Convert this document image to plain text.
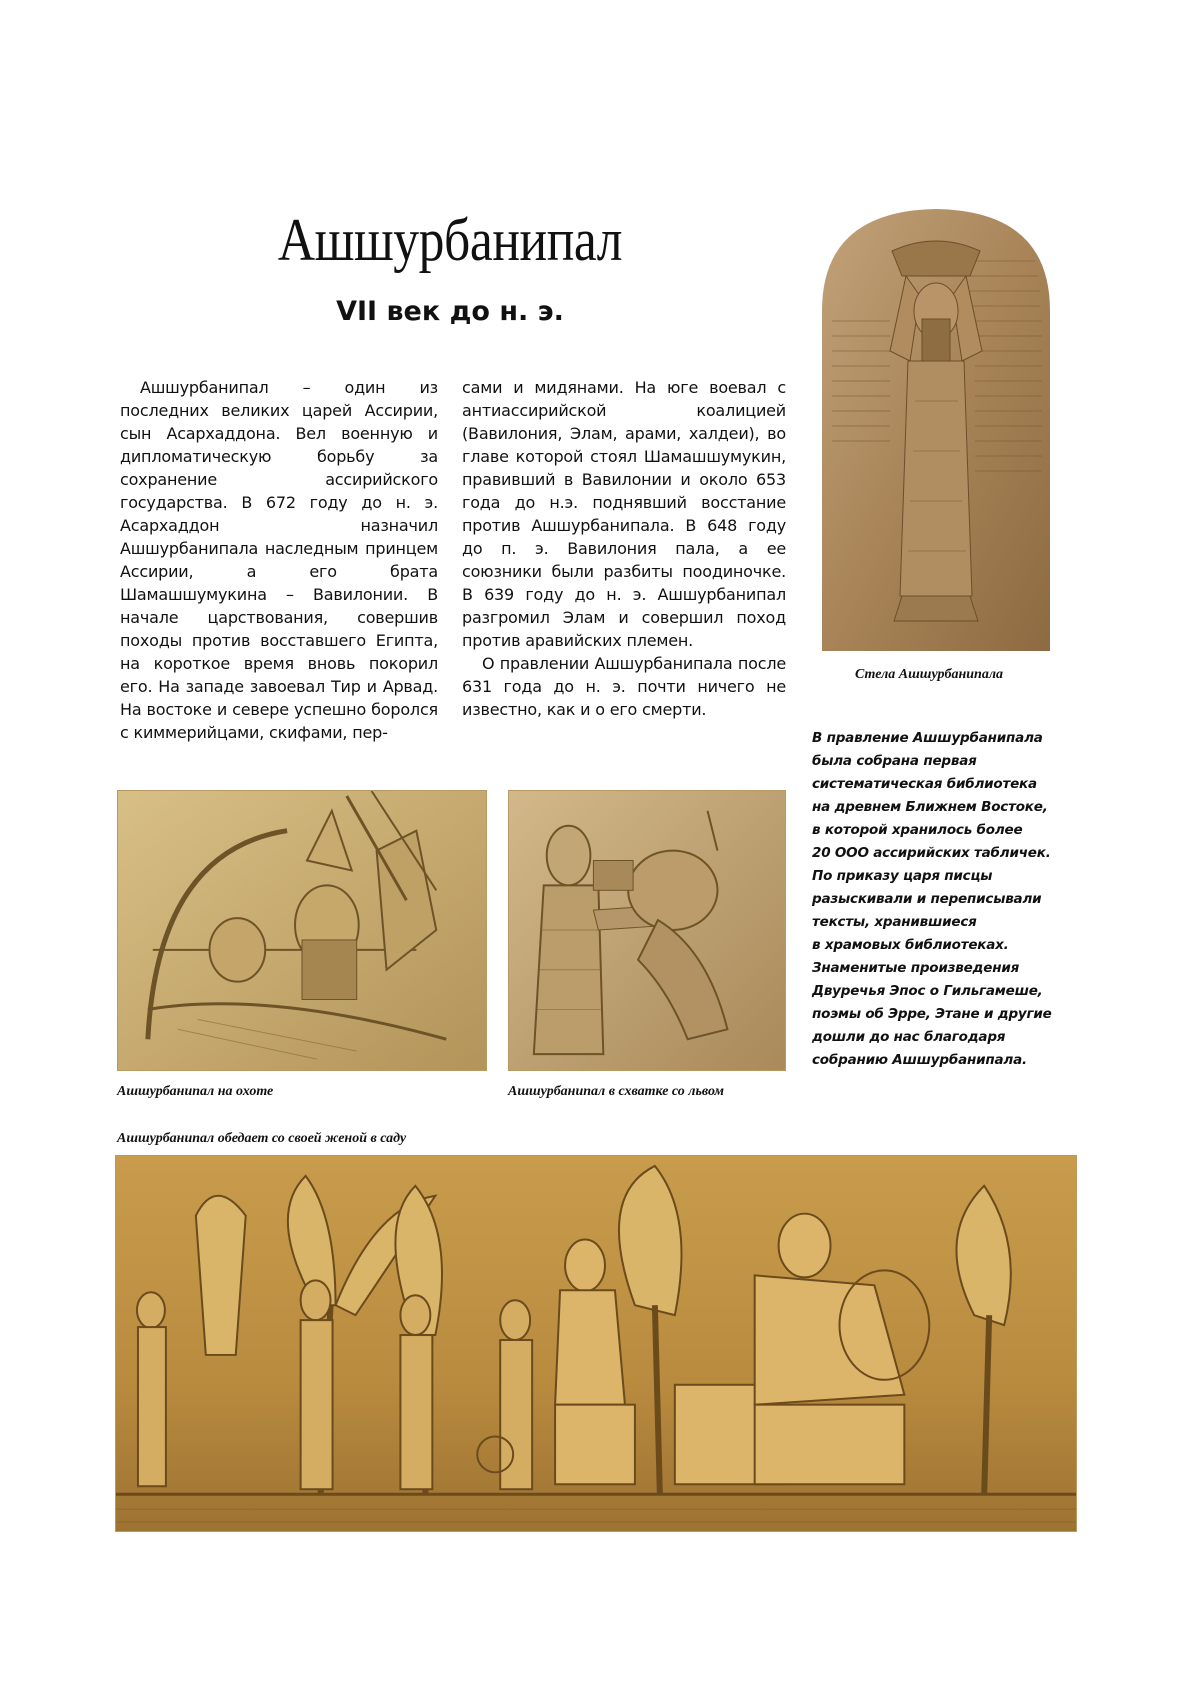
Ашшурбанипал
VII век до н. э.

Ашшурбанипал – один из последних великих царей Ассирии, сын Асархаддона. Вел военную и дипломатическую борьбу за сохранение ассирийского государства. В 672 году до н. э. Асархаддон назначил Ашшурбанипала наследным принцем Ассирии, а его брата Шамашшумукина – Вавилонии. В начале царствования, совершив походы против восставшего Египта, на короткое время вновь покорил его. На западе завоевал Тир и Арвад. На востоке и севере успешно боролся с киммерийцами, скифами, пер-

сами и мидянами. На юге воевал с антиассирийской коалицией (Вавилония, Элам, арами, халдеи), во главе которой стоял Шамашшумукин, правивший в Вавилонии и около 653 года до н.э. поднявший восстание против Ашшурбанипала. В 648 году до п. э. Вавилония пала, а ее союзники были разбиты поодиночке. В 639 году до н. э. Ашшурбанипал разгромил Элам и совершил поход против аравийских племен.

О правлении Ашшурбанипала после 631 года до н. э. почти ничего не известно, как и о его смерти.

Стела Ашшурбанипала
В правление Ашшурбанипала
была собрана первая
систематическая библиотека
на древнем Ближнем Востоке,
в которой хранилось более
20 ООО ассирийских табличек.
По приказу царя писцы
разыскивали и переписывали
тексты, хранившиеся
в храмовых библиотеках.
Знаменитые произведения
Двуречья Эпос о Гильгамеше,
поэмы об Эрре, Этане и другие
дошли до нас благодаря
собранию Ашшурбанипала.
Ашшурбанипал на охоте	Ашшурбанипал в схватке со львом
Ашшурбанипал обедает со своей женой в саду
